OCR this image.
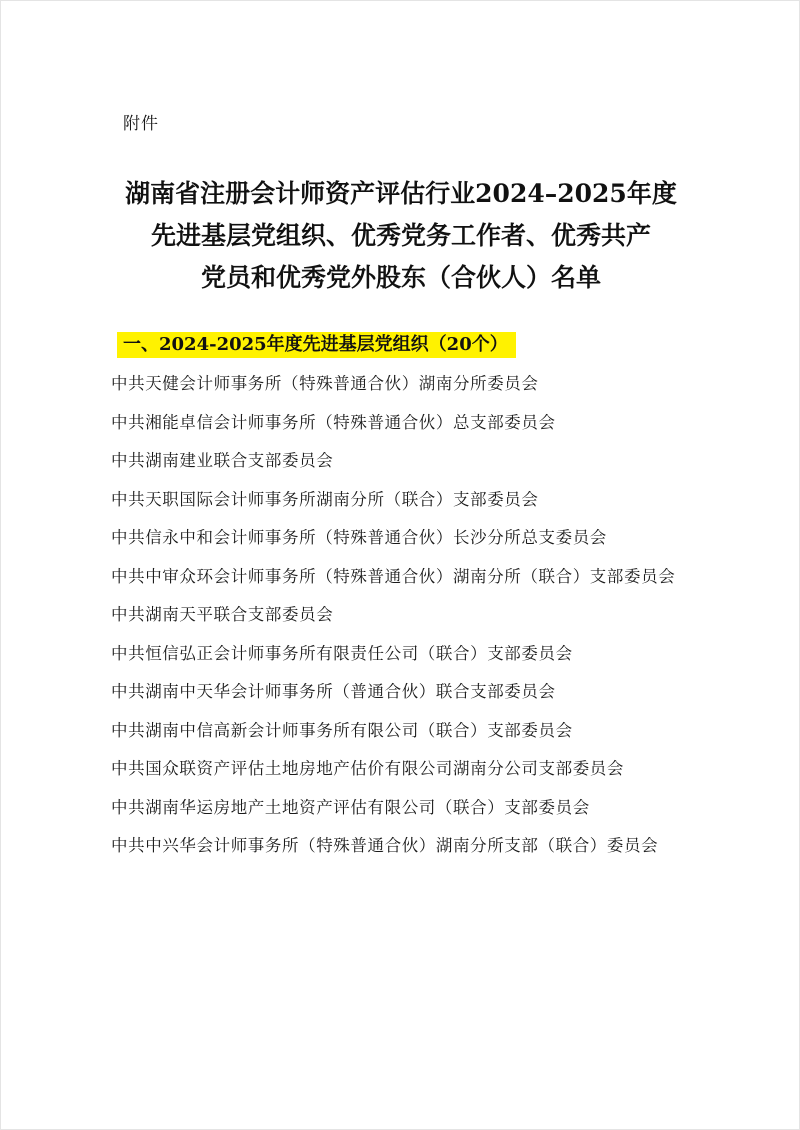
附件
湖南省注册会计师资产评估行业2024–2025年度
先进基层党组织、优秀党务工作者、优秀共产
党员和优秀党外股东（合伙人）名单
一、2024-2025年度先进基层党组织（20个）
中共天健会计师事务所（特殊普通合伙）湖南分所委员会
中共湘能卓信会计师事务所（特殊普通合伙）总支部委员会
中共湖南建业联合支部委员会
中共天职国际会计师事务所湖南分所（联合）支部委员会
中共信永中和会计师事务所（特殊普通合伙）长沙分所总支委员会
中共中审众环会计师事务所（特殊普通合伙）湖南分所（联合）支部委员会
中共湖南天平联合支部委员会
中共恒信弘正会计师事务所有限责任公司（联合）支部委员会
中共湖南中天华会计师事务所（普通合伙）联合支部委员会
中共湖南中信高新会计师事务所有限公司（联合）支部委员会
中共国众联资产评估土地房地产估价有限公司湖南分公司支部委员会
中共湖南华运房地产土地资产评估有限公司（联合）支部委员会
中共中兴华会计师事务所（特殊普通合伙）湖南分所支部（联合）委员会
